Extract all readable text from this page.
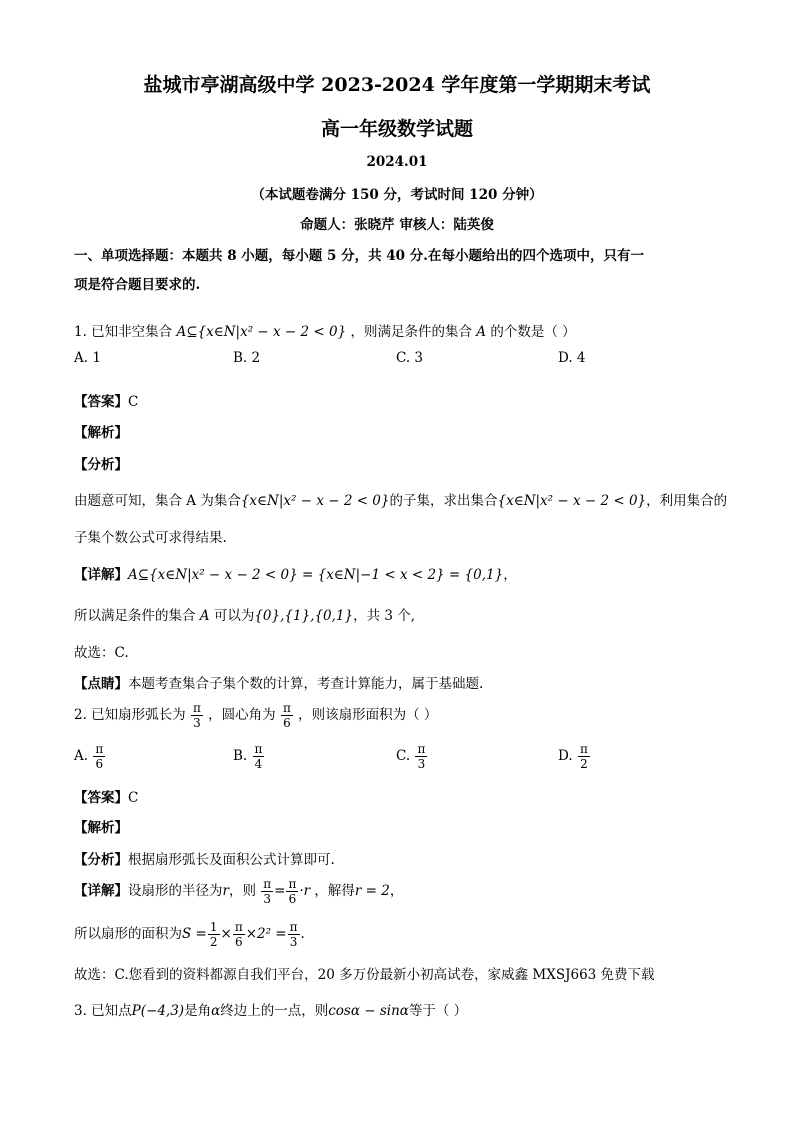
盐城市亭湖高级中学 2023-2024 学年度第一学期期末考试
高一年级数学试题
2024.01
（本试题卷满分 150 分，考试时间 120 分钟）
命题人：张晓芹 审核人：陆英俊
一、单项选择题：本题共 8 小题，每小题 5 分，共 40 分.在每小题给出的四个选项中，只有一
项是符合题目要求的.
1. 已知非空集合 A⊆{x∈N|x² − x − 2 < 0} ，则满足条件的集合 A 的个数是（ ）
A. 1	B. 2	C. 3	D. 4
【答案】C
【解析】
【分析】
由题意可知，集合 A 为集合{x∈N|x² − x − 2 < 0}的子集，求出集合{x∈N|x² − x − 2 < 0}，利用集合的
子集个数公式可求得结果.
【详解】A⊆{x∈N|x² − x − 2 < 0} = {x∈N|−1 < x < 2} = {0,1}，
所以满足条件的集合 A 可以为{0},{1},{0,1}，共 3 个,
故选：C.
【点睛】本题考查集合子集个数的计算，考查计算能力，属于基础题.
2. 已知扇形弧长为 $\frac{\pi}{3}$ ，圆心角为 $\frac{\pi}{6}$ ，则该扇形面积为（ ）
A. $\frac{\pi}{6}$	B. $\frac{\pi}{4}$	C. $\frac{\pi}{3}$	D. $\frac{\pi}{2}$
【答案】C
【解析】
【分析】根据扇形弧长及面积公式计算即可.
【详解】设扇形的半径为r，则 $\frac{\pi}{3} = \frac{\pi}{6} \cdot r$ ，解得r = 2，
所以扇形的面积为$S = \frac{1}{2} \times \frac{\pi}{6} \times 2^2 = \frac{\pi}{3}$ .
故选：C.您看到的资料都源自我们平台，20 多万份最新小初高试卷，家威鑫 MXSJ663 免费下载
3. 已知点P(−4,3)是角α终边上的一点，则cosα − sinα等于（ ）
